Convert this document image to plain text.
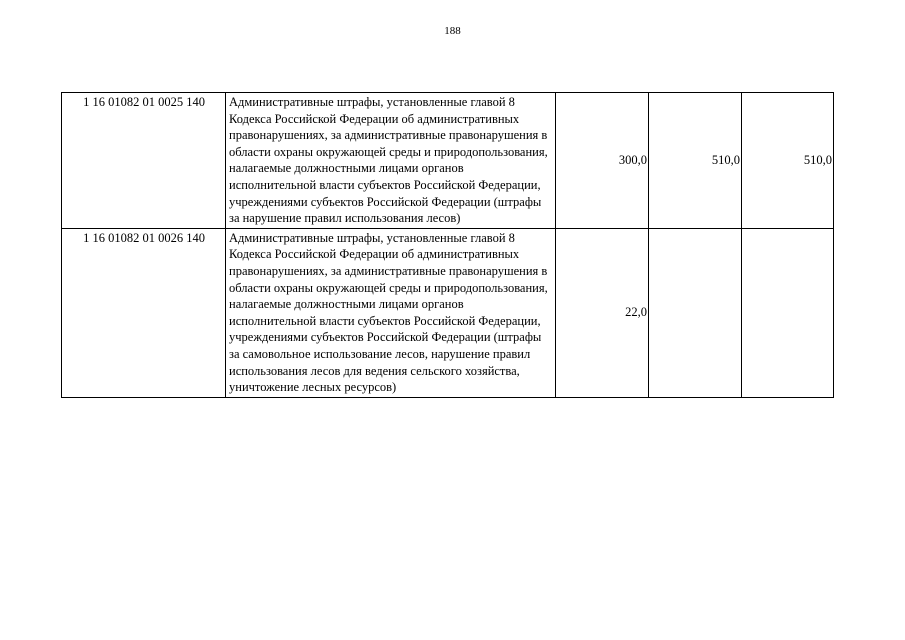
188
1 16 01082 01 0025 140	Административные штрафы, установленные главой 8 Кодекса Российской Федерации об административных правонарушениях, за административные правонарушения в области охраны окружающей среды и природопользования, налагаемые должностными лицами органов исполнительной власти субъектов Российской Федерации, учреждениями субъектов Российской Федерации (штрафы за нарушение правил использования лесов)	300,0	510,0	510,0
1 16 01082 01 0026 140	Административные штрафы, установленные главой 8 Кодекса Российской Федерации об административных правонарушениях, за административные правонарушения в области охраны окружающей среды и природопользования, налагаемые должностными лицами органов исполнительной власти субъектов Российской Федерации, учреждениями субъектов Российской Федерации (штрафы за самовольное использование лесов, нарушение правил использования лесов для ведения сельского хозяйства, уничтожение лесных ресурсов)	22,0		
